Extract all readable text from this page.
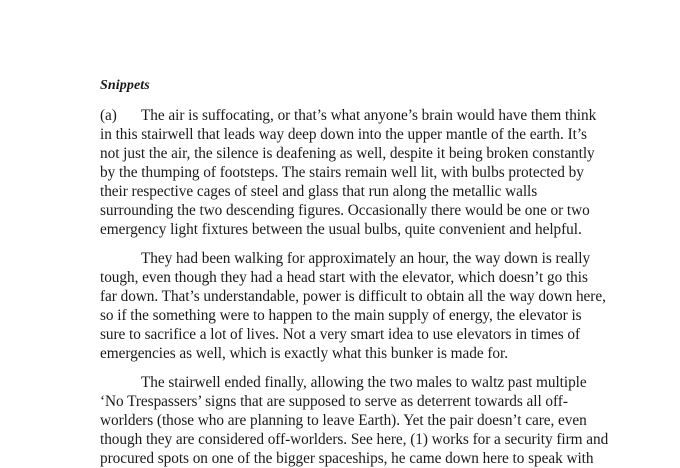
Snippets
(a) The air is suffocating, or that’s what anyone’s brain would have them think
in this stairwell that leads way deep down into the upper mantle of the earth. It’s
not just the air, the silence is deafening as well, despite it being broken constantly
by the thumping of footsteps. The stairs remain well lit, with bulbs protected by
their respective cages of steel and glass that run along the metallic walls
surrounding the two descending figures. Occasionally there would be one or two
emergency light fixtures between the usual bulbs, quite convenient and helpful.
They had been walking for approximately an hour, the way down is really
tough, even though they had a head start with the elevator, which doesn’t go this
far down. That’s understandable, power is difficult to obtain all the way down here,
so if the something were to happen to the main supply of energy, the elevator is
sure to sacrifice a lot of lives. Not a very smart idea to use elevators in times of
emergencies as well, which is exactly what this bunker is made for.
The stairwell ended finally, allowing the two males to waltz past multiple
‘No Trespassers’ signs that are supposed to serve as deterrent towards all off-
worlders (those who are planning to leave Earth). Yet the pair doesn’t care, even
though they are considered off-worlders. See here, (1) works for a security firm and
procured spots on one of the bigger spaceships, he came down here to speak with
